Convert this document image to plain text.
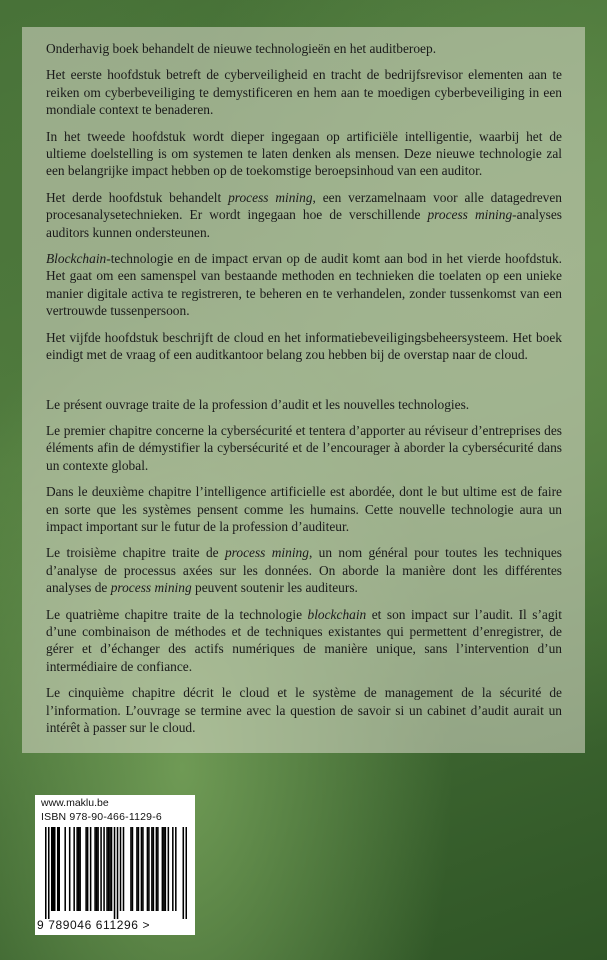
Onderhavig boek behandelt de nieuwe technologieën en het auditberoep.

Het eerste hoofdstuk betreft de cyberveiligheid en tracht de bedrijfsrevisor elementen aan te reiken om cyberbeveiliging te demystificeren en hem aan te moedigen cyberbeveiliging in een mondiale context te benaderen.

In het tweede hoofdstuk wordt dieper ingegaan op artificiële intelligentie, waarbij het de ultieme doelstelling is om systemen te laten denken als mensen. Deze nieuwe technologie zal een belangrijke impact hebben op de toekomstige beroepsinhoud van een auditor.

Het derde hoofdstuk behandelt process mining, een verzamelnaam voor alle datagedreven procesanalysetechnieken. Er wordt ingegaan hoe de verschillende process mining-analyses auditors kunnen ondersteunen.

Blockchain-technologie en de impact ervan op de audit komt aan bod in het vierde hoofdstuk. Het gaat om een samenspel van bestaande methoden en technieken die toelaten op een unieke manier digitale activa te registreren, te beheren en te verhandelen, zonder tussenkomst van een vertrouwde tussenpersoon.

Het vijfde hoofdstuk beschrijft de cloud en het informatiebeveiligingsbeheersysteem. Het boek eindigt met de vraag of een auditkantoor belang zou hebben bij de overstap naar de cloud.

Le présent ouvrage traite de la profession d’audit et les nouvelles technologies.

Le premier chapitre concerne la cybersécurité et tentera d’apporter au réviseur d’entreprises des éléments afin de démystifier la cybersécurité et de l’encourager à aborder la cybersécurité dans un contexte global.

Dans le deuxième chapitre l’intelligence artificielle est abordée, dont le but ultime est de faire en sorte que les systèmes pensent comme les humains. Cette nouvelle technologie aura un impact important sur le futur de la profession d’auditeur.

Le troisième chapitre traite de process mining, un nom général pour toutes les techniques d’analyse de processus axées sur les données. On aborde la manière dont les différentes analyses de process mining peuvent soutenir les auditeurs.

Le quatrième chapitre traite de la technologie blockchain et son impact sur l’audit. Il s’agit d’une combinaison de méthodes et de techniques existantes qui permettent d’enregistrer, de gérer et d’échanger des actifs numériques de manière unique, sans l’intervention d’un intermédiaire de confiance.

Le cinquième chapitre décrit le cloud et le système de management de la sécurité de l’information. L’ouvrage se termine avec la question de savoir si un cabinet d’audit aurait un intérêt à passer sur le cloud.

www.maklu.be
ISBN 978-90-466-1129-6
9 789046 611296 >
